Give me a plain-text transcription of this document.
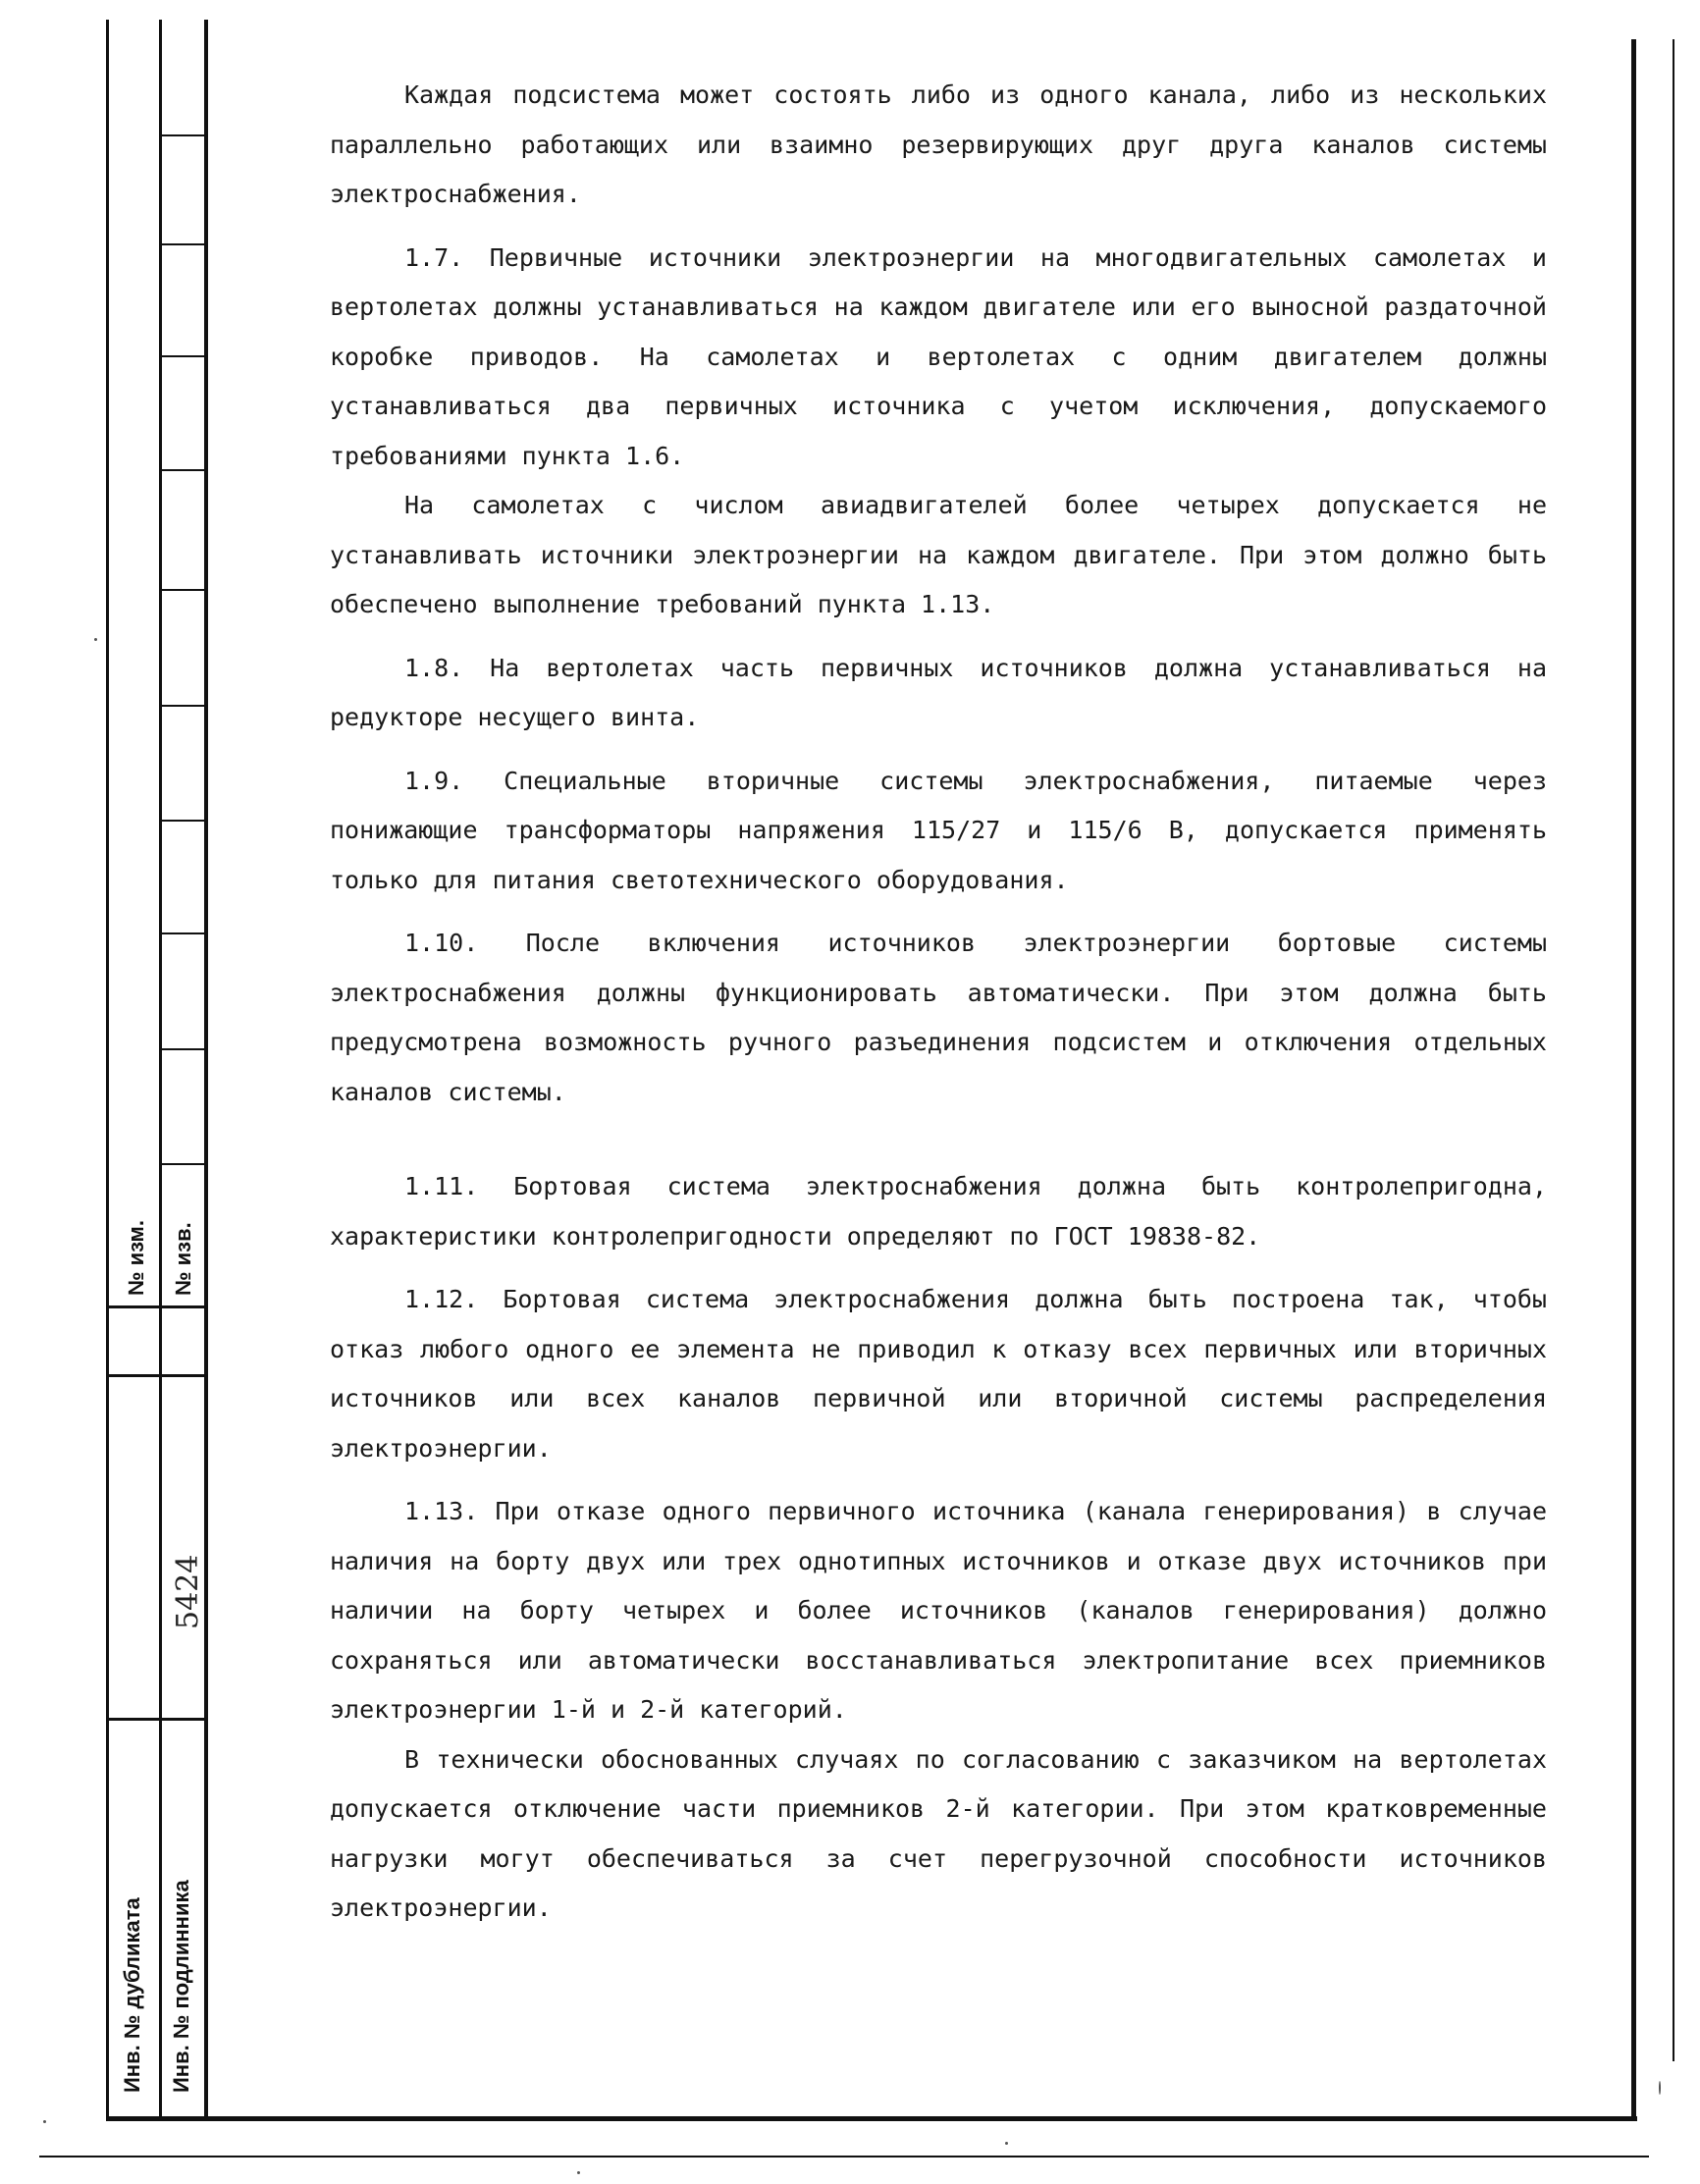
№ изм. № изв.
Инв. № дубликата Инв. № подлинника
5424

Каждая подсистема может состоять либо из одного канала, либо из нескольких параллельно работающих или взаимно резервирующих друг друга каналов системы электроснабжения.

1.7. Первичные источники электроэнергии на многодвигательных самолетах и вертолетах должны устанавливаться на каждом двигателе или его выносной раздаточной коробке приводов. На самолетах и вертолетах с одним двигателем должны устанавливаться два первичных источника с учетом исключения, допускаемого требованиями пункта 1.6.

На самолетах с числом авиадвигателей более четырех допускается не устанавливать источники электроэнергии на каждом двигателе. При этом должно быть обеспечено выполнение требований пункта 1.13.

1.8. На вертолетах часть первичных источников должна устанавливаться на редукторе несущего винта.

1.9. Специальные вторичные системы электроснабжения, питаемые через понижающие трансформаторы напряжения 115/27 и 115/6 В, допускается применять только для питания светотехнического оборудования.

1.10. После включения источников электроэнергии бортовые системы электроснабжения должны функционировать автоматически. При этом должна быть предусмотрена возможность ручного разъединения подсистем и отключения отдельных каналов системы.

1.11. Бортовая система электроснабжения должна быть контролепригодна, характеристики контролепригодности определяют по ГОСТ 19838-82.

1.12. Бортовая система электроснабжения должна быть построена так, чтобы отказ любого одного ее элемента не приводил к отказу всех первичных или вторичных источников или всех каналов первичной или вторичной системы распределения электроэнергии.

1.13. При отказе одного первичного источника (канала генерирования) в случае наличия на борту двух или трех однотипных источников и отказе двух источников при наличии на борту четырех и более источников (каналов генерирования) должно сохраняться или автоматически восстанавливаться электропитание всех приемников электроэнергии 1-й и 2-й категорий.

В технически обоснованных случаях по согласованию с заказчиком на вертолетах допускается отключение части приемников 2-й категории. При этом кратковременные нагрузки могут обеспечиваться за счет перегрузочной способности источников электроэнергии.
